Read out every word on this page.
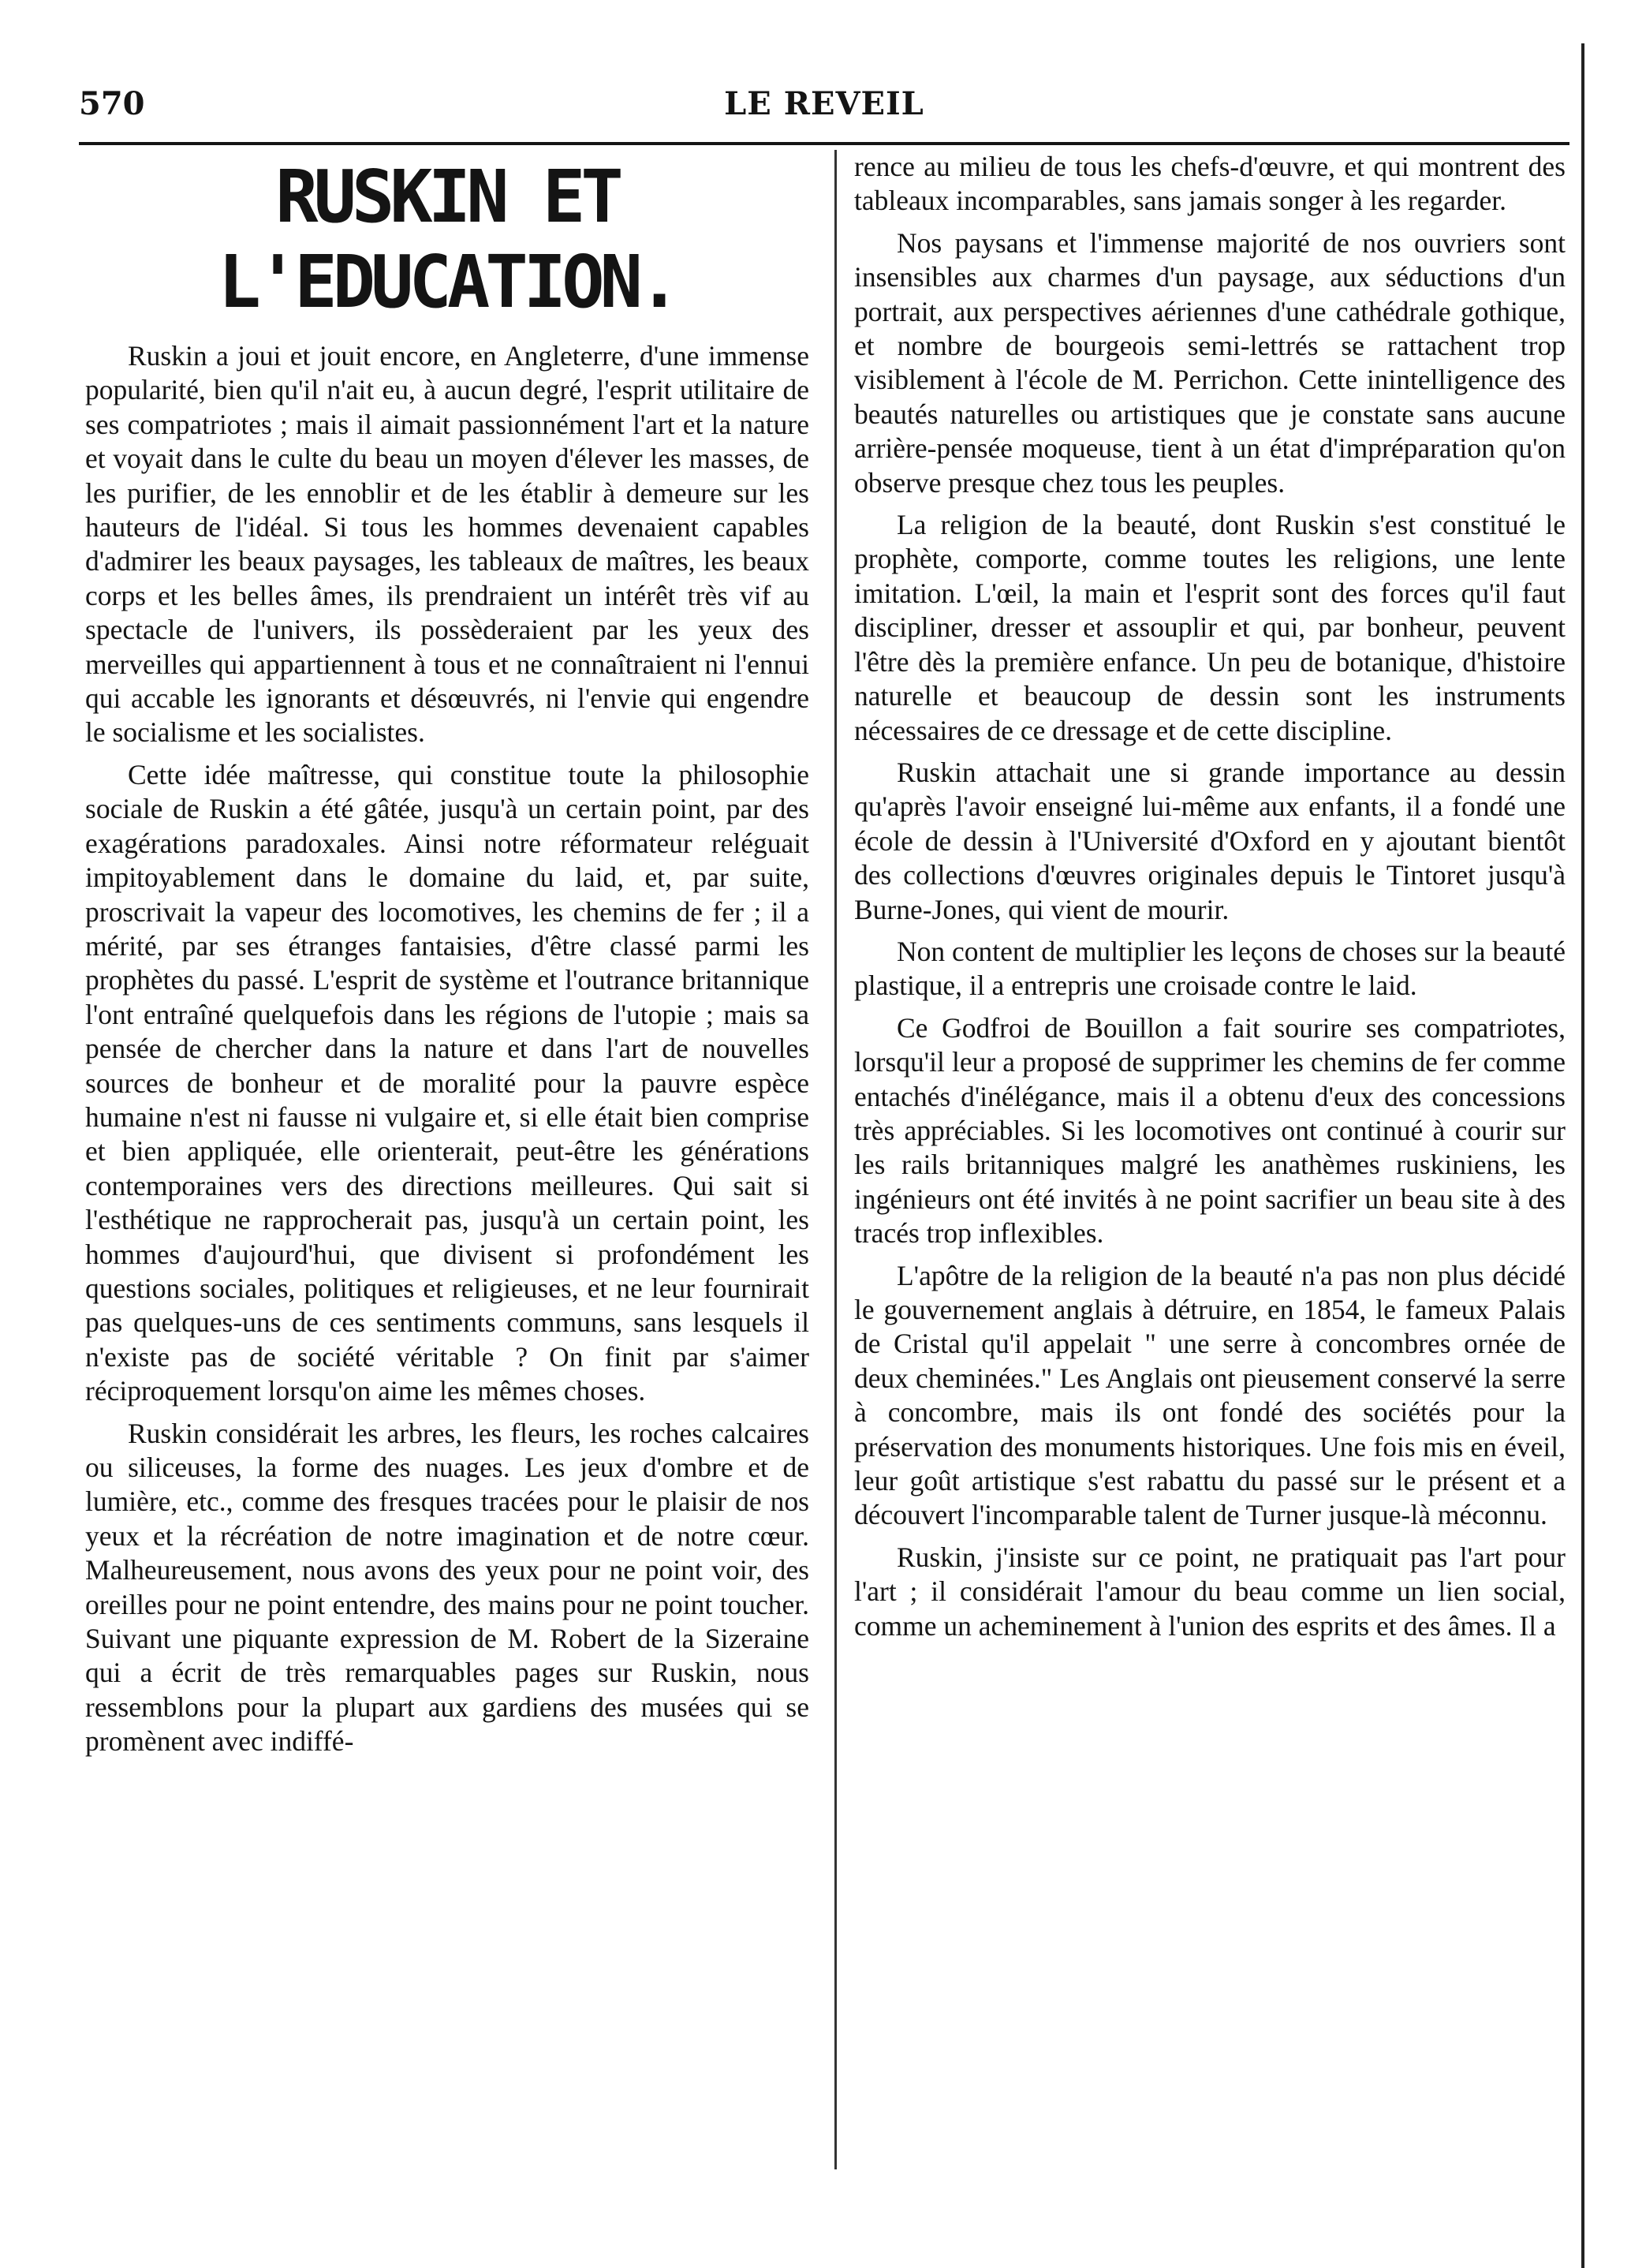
570	LE REVEIL
RUSKIN ET L'EDUCATION.

Ruskin a joui et jouit encore, en Angleterre, d'une immense popularité, bien qu'il n'ait eu, à aucun degré, l'esprit utilitaire de ses compatriotes ; mais il aimait passionnément l'art et la nature et voyait dans le culte du beau un moyen d'élever les masses, de les purifier, de les ennoblir et de les établir à demeure sur les hauteurs de l'idéal. Si tous les hommes devenaient capables d'admirer les beaux paysages, les tableaux de maîtres, les beaux corps et les belles âmes, ils prendraient un intérêt très vif au spectacle de l'univers, ils possèderaient par les yeux des merveilles qui appartiennent à tous et ne connaîtraient ni l'ennui qui accable les ignorants et désœuvrés, ni l'envie qui engendre le socialisme et les socialistes.

Cette idée maîtresse, qui constitue toute la philosophie sociale de Ruskin a été gâtée, jusqu'à un certain point, par des exagérations paradoxales. Ainsi notre réformateur reléguait impitoyablement dans le domaine du laid, et, par suite, proscrivait la vapeur des locomotives, les chemins de fer ; il a mérité, par ses étranges fantaisies, d'être classé parmi les prophètes du passé. L'esprit de système et l'outrance britannique l'ont entraîné quelquefois dans les régions de l'utopie ; mais sa pensée de chercher dans la nature et dans l'art de nouvelles sources de bonheur et de moralité pour la pauvre espèce humaine n'est ni fausse ni vulgaire et, si elle était bien comprise et bien appliquée, elle orienterait, peut-être les générations contemporaines vers des directions meilleures. Qui sait si l'esthétique ne rapprocherait pas, jusqu'à un certain point, les hommes d'aujourd'hui, que divisent si profondément les questions sociales, politiques et religieuses, et ne leur fournirait pas quelques-uns de ces sentiments communs, sans lesquels il n'existe pas de société véritable ? On finit par s'aimer réciproquement lorsqu'on aime les mêmes choses.

Ruskin considérait les arbres, les fleurs, les roches calcaires ou siliceuses, la forme des nuages. Les jeux d'ombre et de lumière, etc., comme des fresques tracées pour le plaisir de nos yeux et la récréation de notre imagination et de notre cœur. Malheureusement, nous avons des yeux pour ne point voir, des oreilles pour ne point entendre, des mains pour ne point toucher. Suivant une piquante expression de M. Robert de la Sizeraine qui a écrit de très remarquables pages sur Ruskin, nous ressemblons pour la plupart aux gardiens des musées qui se promènent avec indiffé-

rence au milieu de tous les chefs-d'œuvre, et qui montrent des tableaux incomparables, sans jamais songer à les regarder.

Nos paysans et l'immense majorité de nos ouvriers sont insensibles aux charmes d'un paysage, aux séductions d'un portrait, aux perspectives aériennes d'une cathédrale gothique, et nombre de bourgeois semi-lettrés se rattachent trop visiblement à l'école de M. Perrichon. Cette inintelligence des beautés naturelles ou artistiques que je constate sans aucune arrière-pensée moqueuse, tient à un état d'impréparation qu'on observe presque chez tous les peuples.

La religion de la beauté, dont Ruskin s'est constitué le prophète, comporte, comme toutes les religions, une lente imitation. L'œil, la main et l'esprit sont des forces qu'il faut discipliner, dresser et assouplir et qui, par bonheur, peuvent l'être dès la première enfance. Un peu de botanique, d'histoire naturelle et beaucoup de dessin sont les instruments nécessaires de ce dressage et de cette discipline.

Ruskin attachait une si grande importance au dessin qu'après l'avoir enseigné lui-même aux enfants, il a fondé une école de dessin à l'Université d'Oxford en y ajoutant bientôt des collections d'œuvres originales depuis le Tintoret jusqu'à Burne-Jones, qui vient de mourir.

Non content de multiplier les leçons de choses sur la beauté plastique, il a entrepris une croisade contre le laid.

Ce Godfroi de Bouillon a fait sourire ses compatriotes, lorsqu'il leur a proposé de supprimer les chemins de fer comme entachés d'inélégance, mais il a obtenu d'eux des concessions très appréciables. Si les locomotives ont continué à courir sur les rails britanniques malgré les anathèmes ruskiniens, les ingénieurs ont été invités à ne point sacrifier un beau site à des tracés trop inflexibles.

L'apôtre de la religion de la beauté n'a pas non plus décidé le gouvernement anglais à détruire, en 1854, le fameux Palais de Cristal qu'il appelait " une serre à concombres ornée de deux cheminées." Les Anglais ont pieusement conservé la serre à concombre, mais ils ont fondé des sociétés pour la préservation des monuments historiques. Une fois mis en éveil, leur goût artistique s'est rabattu du passé sur le présent et a découvert l'incomparable talent de Turner jusque-là méconnu.

Ruskin, j'insiste sur ce point, ne pratiquait pas l'art pour l'art ; il considérait l'amour du beau comme un lien social, comme un acheminement à l'union des esprits et des âmes. Il a
